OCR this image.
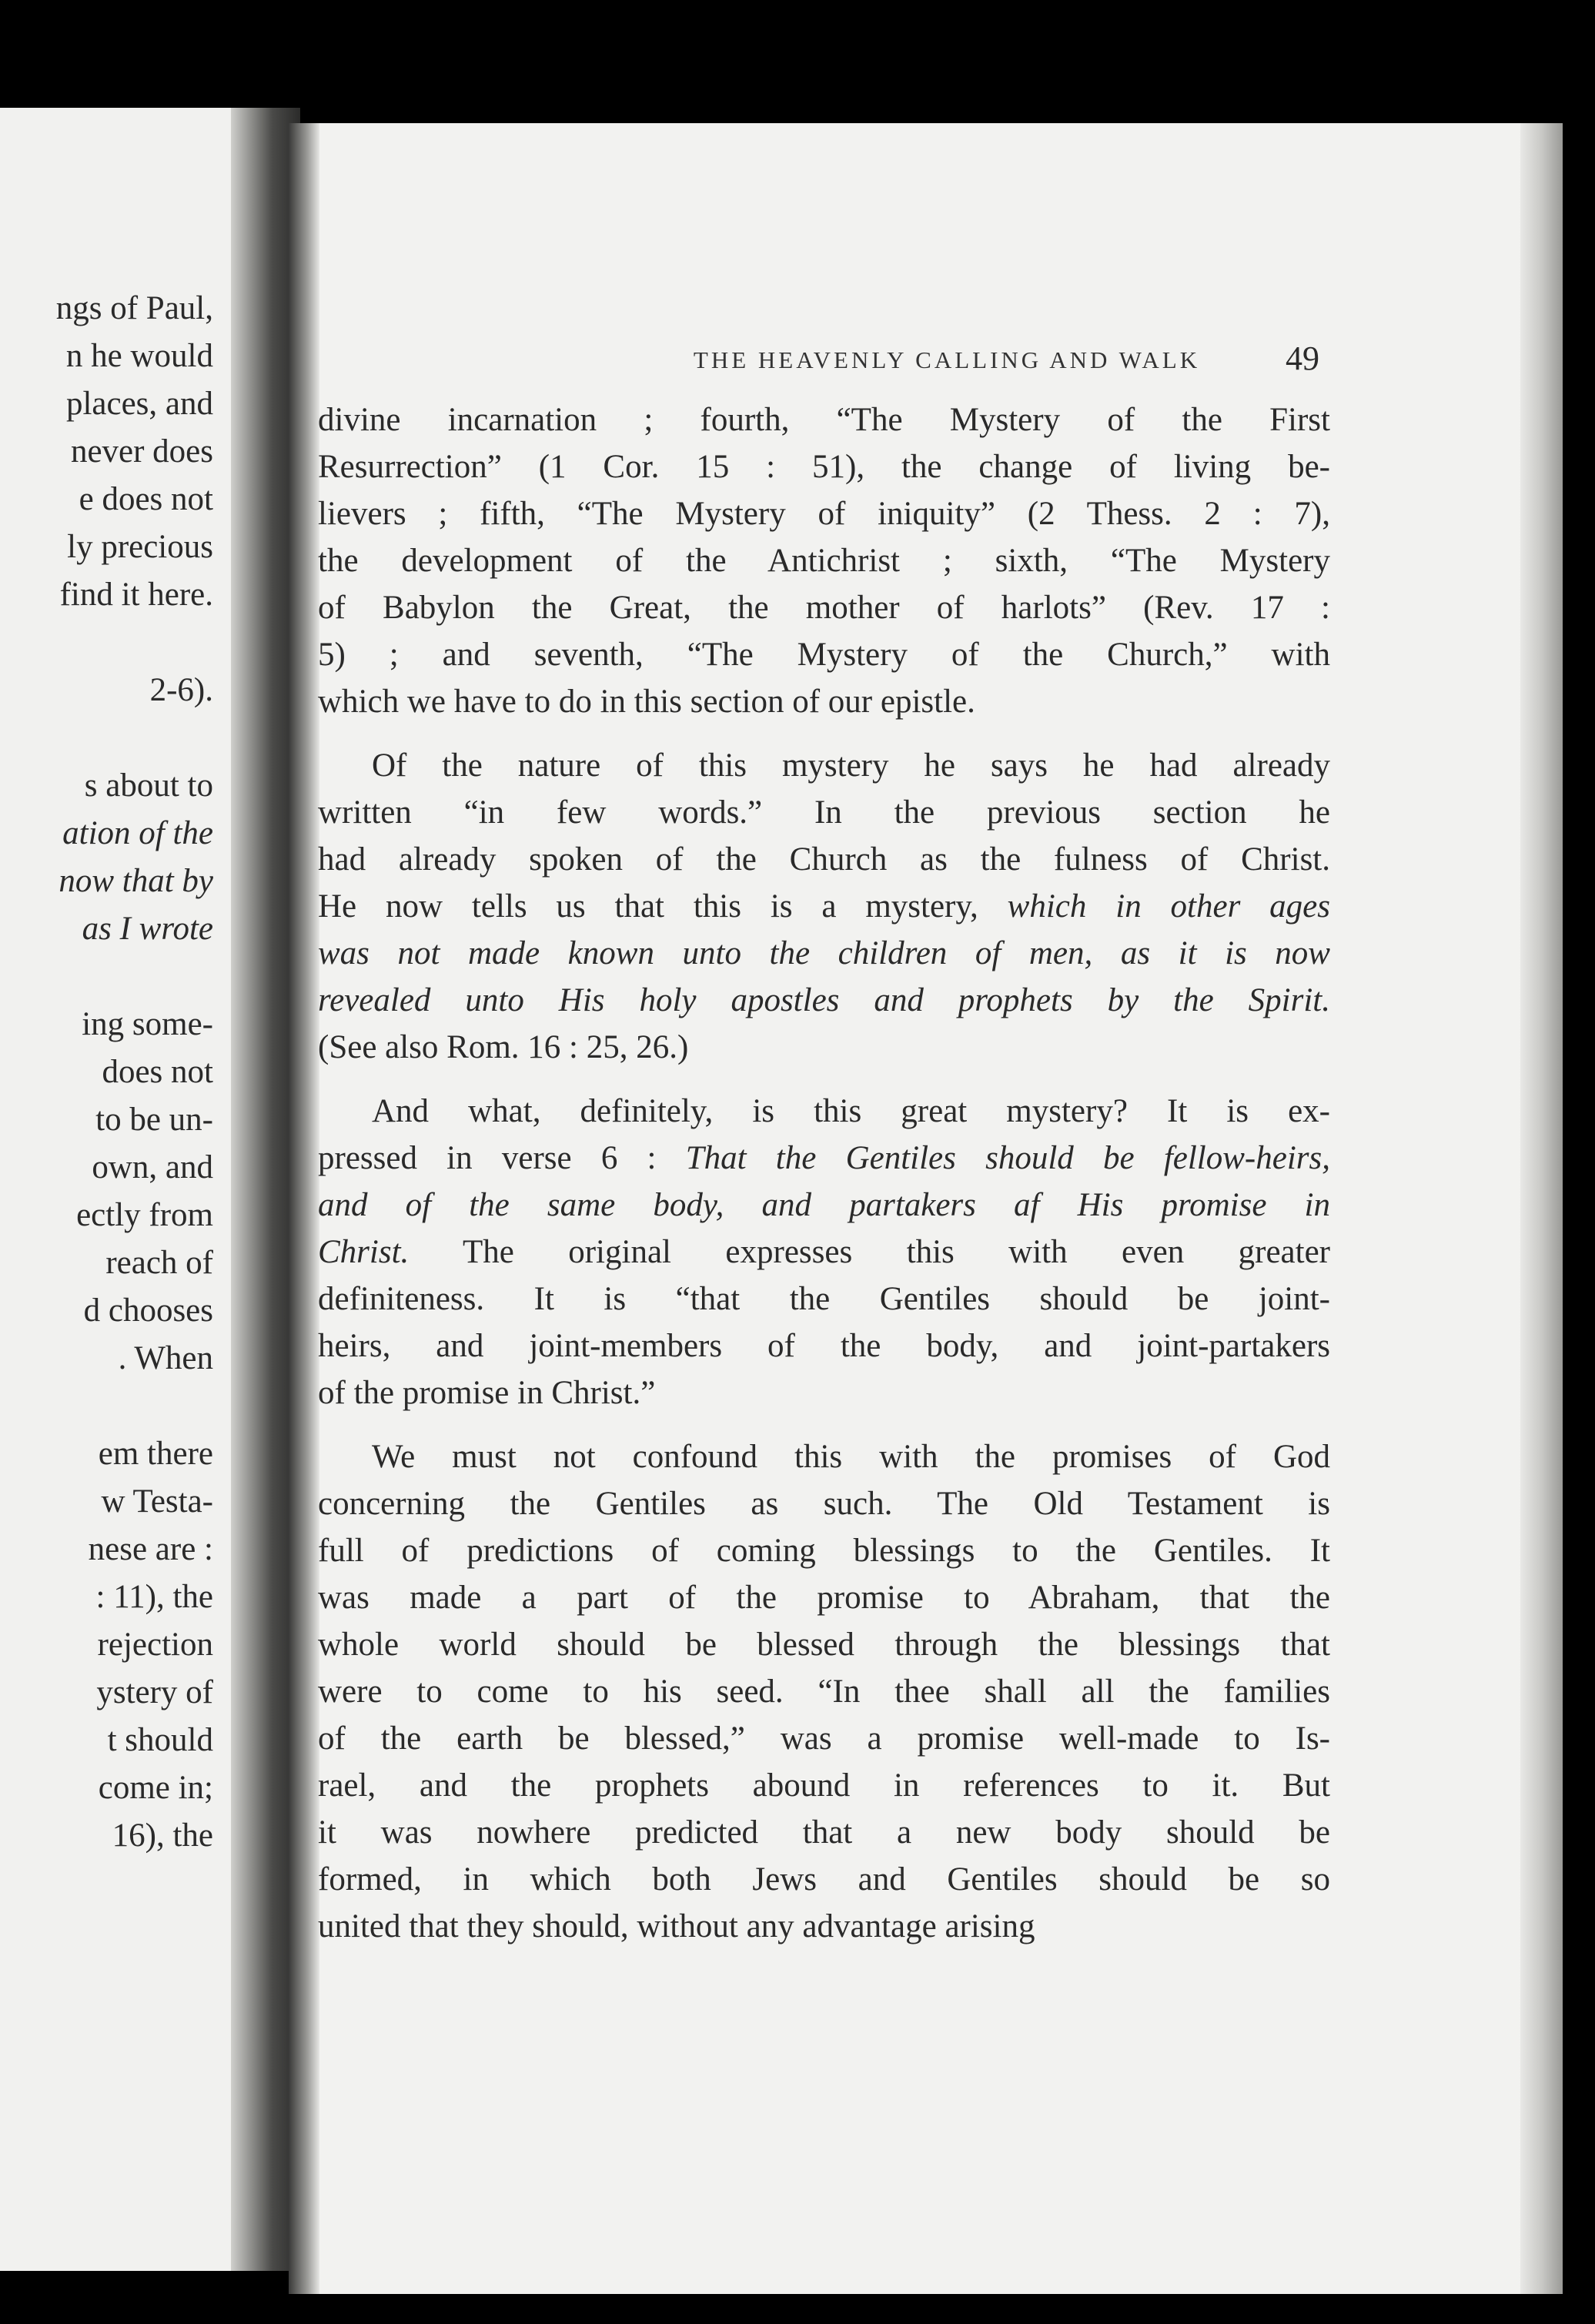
ngs of Paul,
n he would
places, and
never does
e does not
ly precious
find it here.
2-6).
s about to
ation of the
now that by
as I wrote
ing some-
does not
to be un-
own, and
ectly from
reach of
d chooses
. When
em there
w Testa-
nese are :
: 11), the
rejection
ystery of
t should
come in;
16), the
THE HEAVENLY CALLING AND WALK	49
divine incarnation ; fourth, “The Mystery of the First
Resurrection” (1 Cor. 15 : 51), the change of living be-
lievers ; fifth, “The Mystery of iniquity” (2 Thess. 2 : 7),
the development of the Antichrist ; sixth, “The Mystery
of Babylon the Great, the mother of harlots” (Rev. 17 :
5) ; and seventh, “The Mystery of the Church,” with
which we have to do in this section of our epistle.
Of the nature of this mystery he says he had already
written “in few words.” In the previous section he
had already spoken of the Church as the fulness of Christ.
He now tells us that this is a mystery, which in other ages
was not made known unto the children of men, as it is now
revealed unto His holy apostles and prophets by the Spirit.
(See also Rom. 16 : 25, 26.)
And what, definitely, is this great mystery? It is ex-
pressed in verse 6 : That the Gentiles should be fellow-heirs,
and of the same body, and partakers af His promise in
Christ. The original expresses this with even greater
definiteness. It is “that the Gentiles should be joint-
heirs, and joint-members of the body, and joint-partakers
of the promise in Christ.”
We must not confound this with the promises of God
concerning the Gentiles as such. The Old Testament is
full of predictions of coming blessings to the Gentiles. It
was made a part of the promise to Abraham, that the
whole world should be blessed through the blessings that
were to come to his seed. “In thee shall all the families
of the earth be blessed,” was a promise well-made to Is-
rael, and the prophets abound in references to it. But
it was nowhere predicted that a new body should be
formed, in which both Jews and Gentiles should be so
united that they should, without any advantage arising
